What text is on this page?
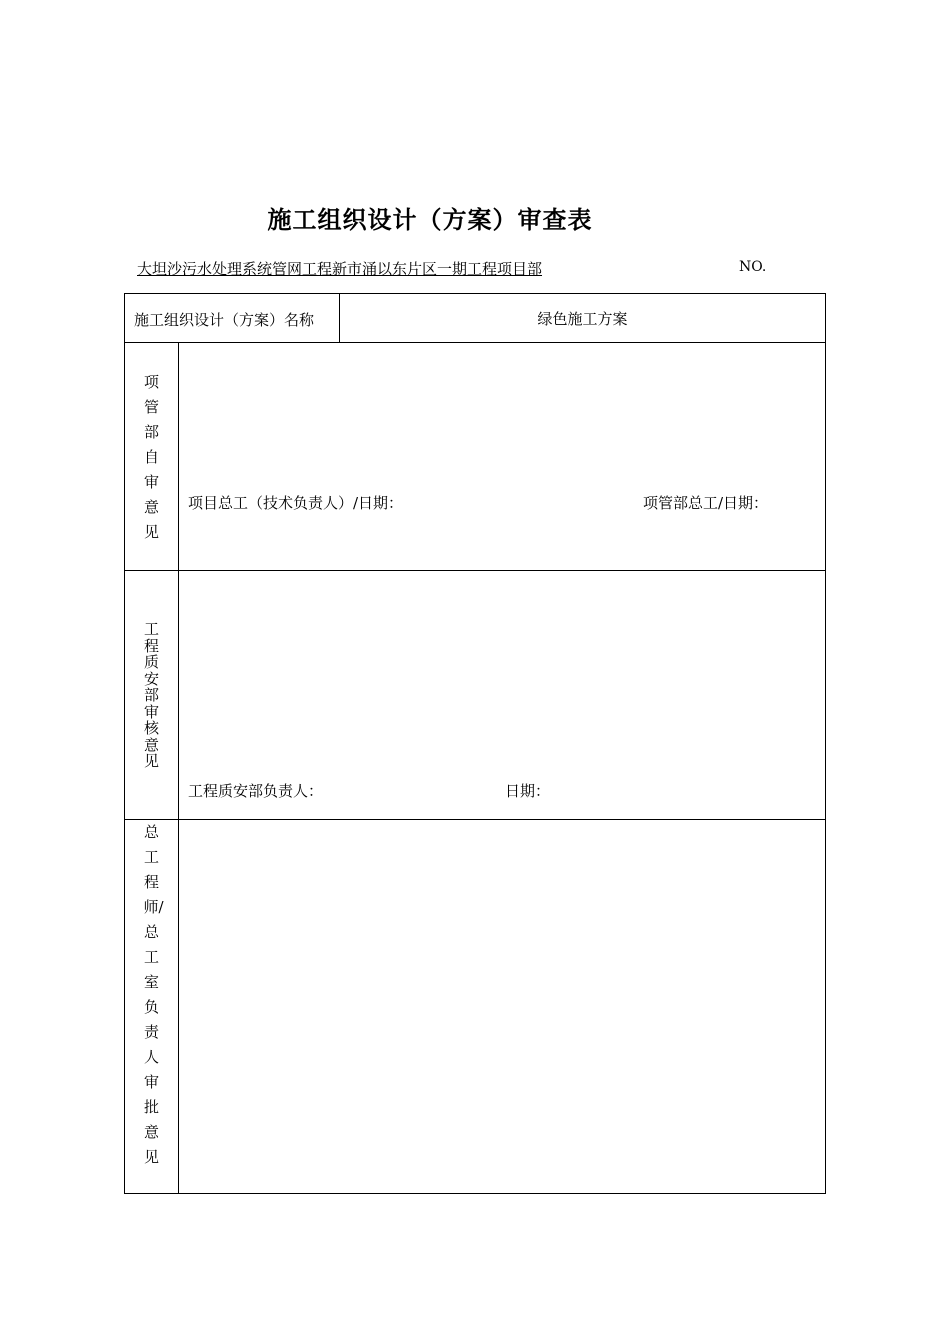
施工组织设计（方案）审查表
大坦沙污水处理系统管网工程新市涌以东片区一期工程项目部	NO.
施工组织设计（方案）名称	绿色施工方案
项管部自审意见
项目总工（技术负责人）/日期：	项管部总工/日期：
工程质安部审核意见
工程质安部负责人：	日期：
总工程师/总工室负责人审批意见
